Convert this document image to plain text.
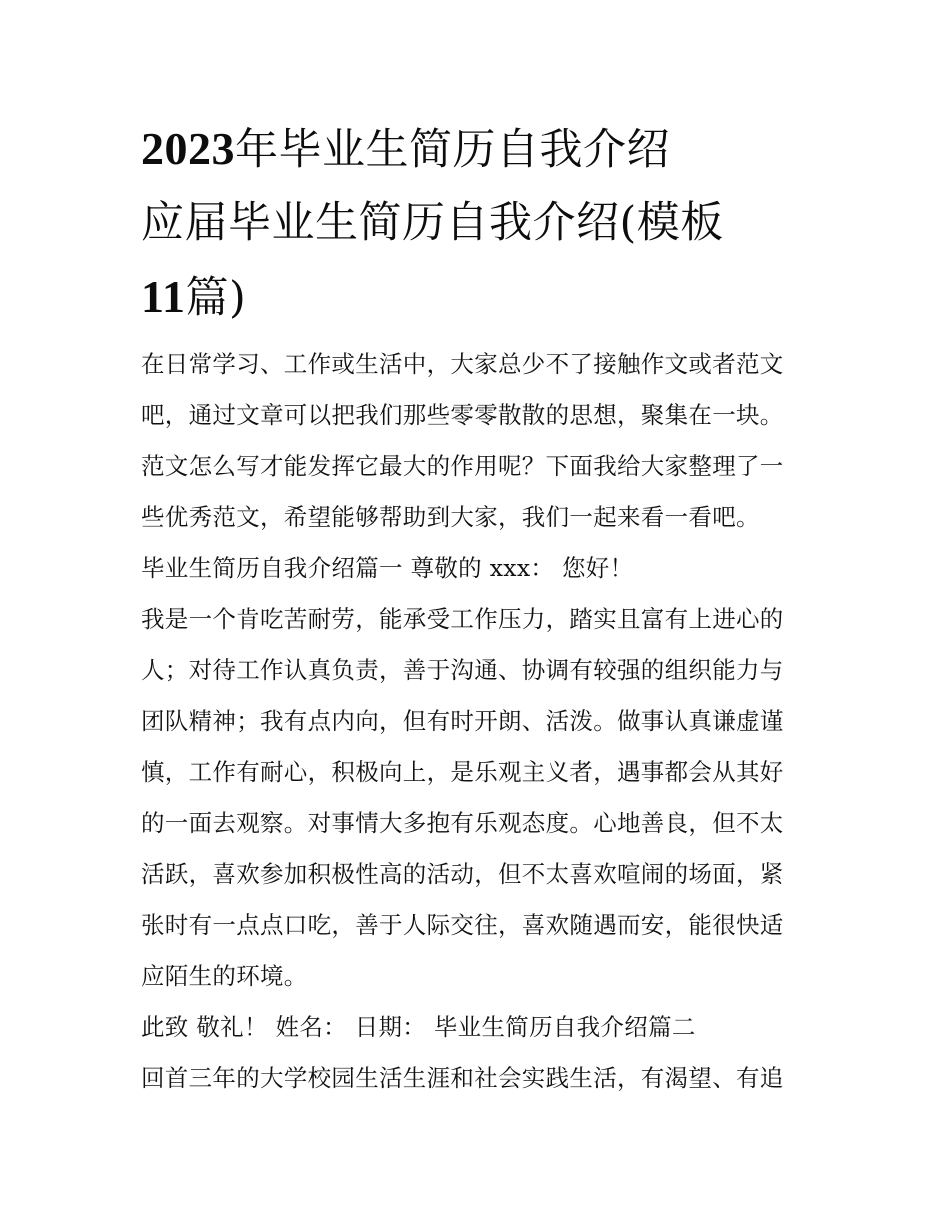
2023年毕业生简历自我介绍
应届毕业生简历自我介绍(模板
11篇)

在日常学习、工作或生活中，大家总少不了接触作文或者范文
吧，通过文章可以把我们那些零零散散的思想，聚集在一块。
范文怎么写才能发挥它最大的作用呢？下面我给大家整理了一
些优秀范文，希望能够帮助到大家，我们一起来看一看吧。

毕业生简历自我介绍篇一 尊敬的 xxx： 您好！

我是一个肯吃苦耐劳，能承受工作压力，踏实且富有上进心的
人；对待工作认真负责，善于沟通、协调有较强的组织能力与
团队精神；我有点内向，但有时开朗、活泼。做事认真谦虚谨
慎，工作有耐心，积极向上，是乐观主义者，遇事都会从其好
的一面去观察。对事情大多抱有乐观态度。心地善良，但不太
活跃，喜欢参加积极性高的活动，但不太喜欢喧闹的场面，紧
张时有一点点口吃，善于人际交往，喜欢随遇而安，能很快适
应陌生的环境。

此致 敬礼！ 姓名： 日期： 毕业生简历自我介绍篇二

回首三年的大学校园生活生涯和社会实践生活，有渴望、有追
